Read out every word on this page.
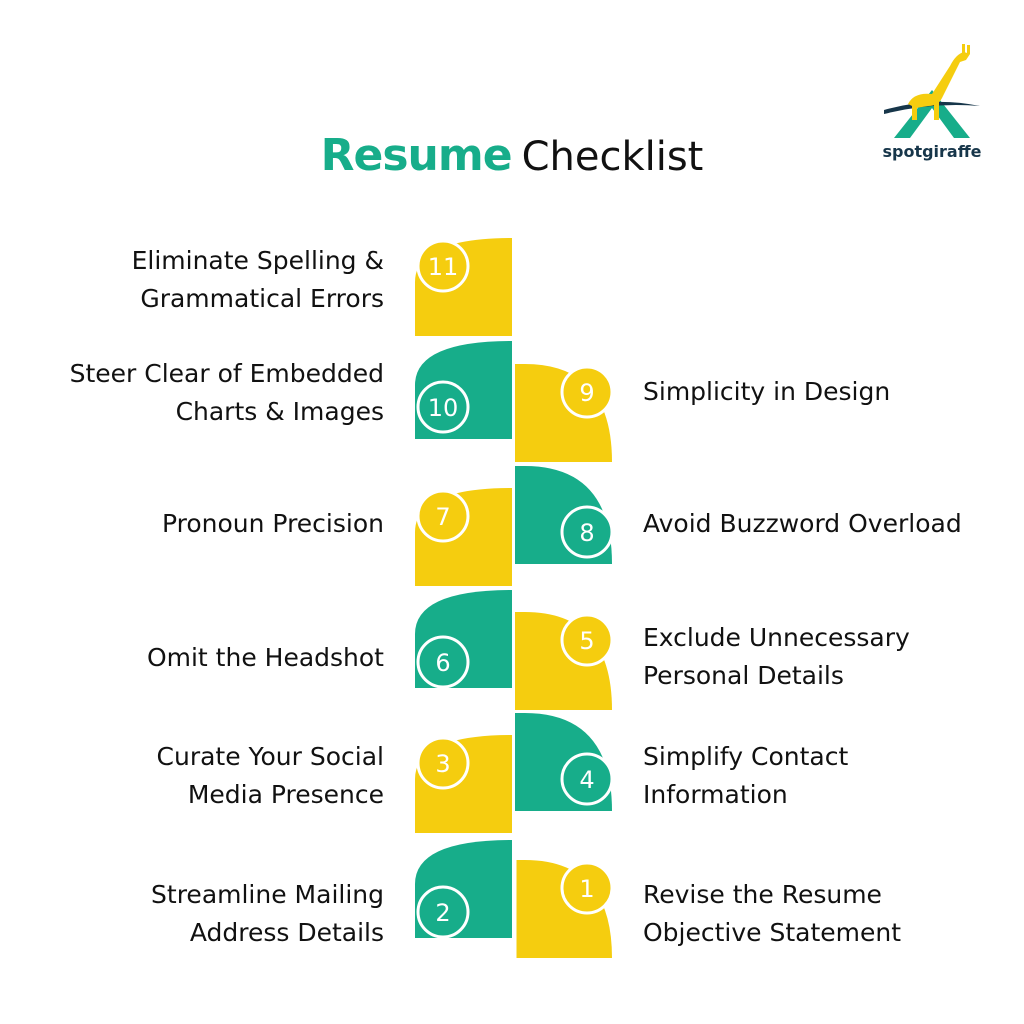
Resume Checklist	spotgiraffe
1
2
3
4
5
6
7
8
9
10
11
Revise the Resume
Objective Statement
Streamline Mailing
Address Details
Curate Your Social
Media Presence
Simplify Contact
Information
Exclude Unnecessary
Personal Details
Omit the Headshot
Pronoun Precision	Avoid Buzzword Overload
Simplicity in Design
Steer Clear of Embedded
Charts & Images
Eliminate Spelling &
Grammatical Errors
